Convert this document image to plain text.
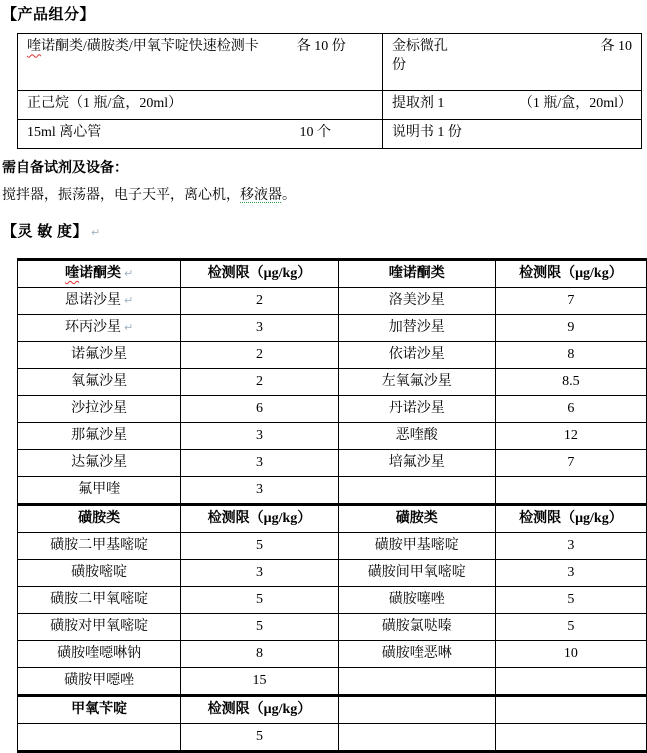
【产品组分】
喹诺酮类/磺胺类/甲氧苄啶快速检测卡 各 10 份	金标微孔 各 10
份

正己烷（1 瓶/盒，20ml）	提取剂 1 （1 瓶/盒，20ml）

15ml 离心管 10 个	说明书 1 份
需自备试剂及设备：
搅拌器，振荡器，电子天平，离心机，移液器。
【灵 敏 度】 ↵
喹诺酮类 ↵	检测限（μg/kg）	喹诺酮类	检测限（μg/kg）
恩诺沙星 ↵	2	洛美沙星	7
环丙沙星 ↵	3	加替沙星	9
诺氟沙星	2	依诺沙星	8
氧氟沙星	2	左氧氟沙星	8.5
沙拉沙星	6	丹诺沙星	6
那氟沙星	3	恶喹酸	12
达氟沙星	3	培氟沙星	7
氟甲喹	3		
磺胺类	检测限（μg/kg）	磺胺类	检测限（μg/kg）
磺胺二甲基嘧啶	5	磺胺甲基嘧啶	3
磺胺嘧啶	3	磺胺间甲氧嘧啶	3
磺胺二甲氧嘧啶	5	磺胺噻唑	5
磺胺对甲氧嘧啶	5	磺胺氯哒嗪	5
磺胺喹噁啉钠	8	磺胺喹恶啉	10
磺胺甲噁唑	15		
甲氧苄啶	检测限（μg/kg）		
	5		
